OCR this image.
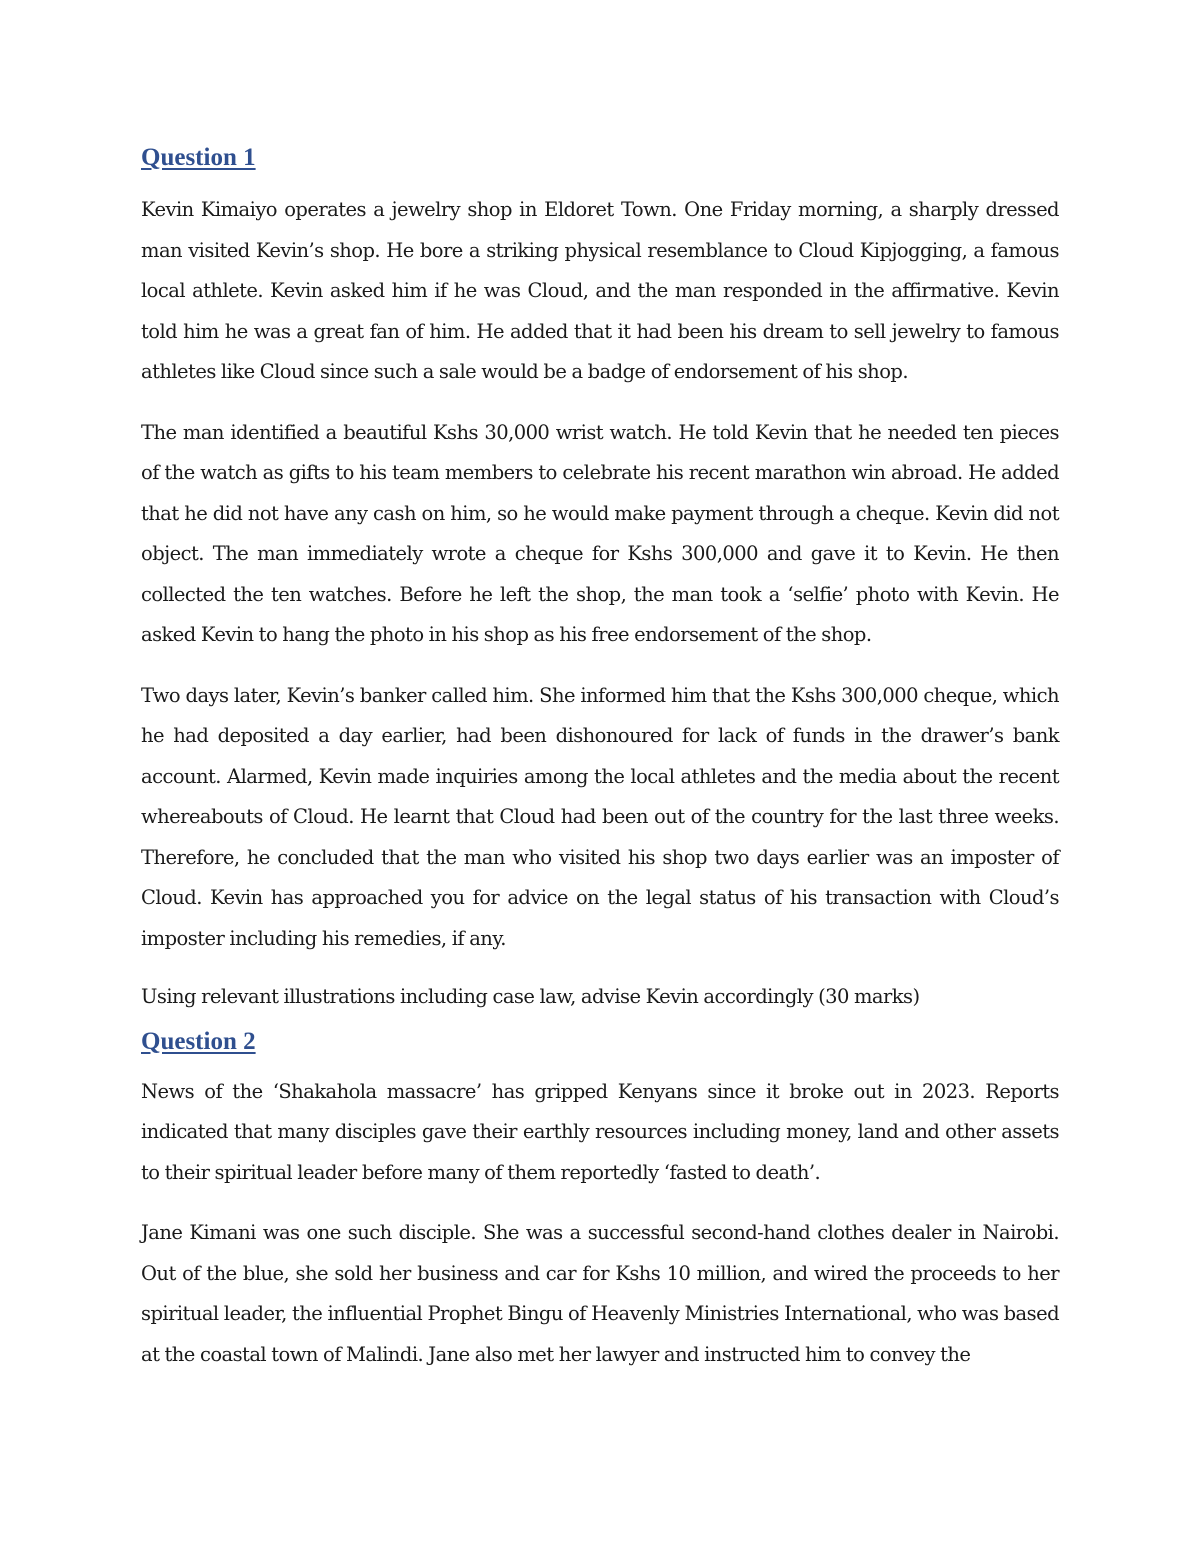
Question 1

Kevin Kimaiyo operates a jewelry shop in Eldoret Town. One Friday morning, a sharply dressed man visited Kevin’s shop. He bore a striking physical resemblance to Cloud Kipjogging, a famous local athlete. Kevin asked him if he was Cloud, and the man responded in the affirmative. Kevin told him he was a great fan of him. He added that it had been his dream to sell jewelry to famous athletes like Cloud since such a sale would be a badge of endorsement of his shop.

The man identified a beautiful Kshs 30,000 wrist watch. He told Kevin that he needed ten pieces of the watch as gifts to his team members to celebrate his recent marathon win abroad. He added that he did not have any cash on him, so he would make payment through a cheque. Kevin did not object. The man immediately wrote a cheque for Kshs 300,000 and gave it to Kevin. He then collected the ten watches. Before he left the shop, the man took a ‘selfie’ photo with Kevin. He asked Kevin to hang the photo in his shop as his free endorsement of the shop.

Two days later, Kevin’s banker called him. She informed him that the Kshs 300,000 cheque, which he had deposited a day earlier, had been dishonoured for lack of funds in the drawer’s bank account. Alarmed, Kevin made inquiries among the local athletes and the media about the recent whereabouts of Cloud. He learnt that Cloud had been out of the country for the last three weeks. Therefore, he concluded that the man who visited his shop two days earlier was an imposter of Cloud. Kevin has approached you for advice on the legal status of his transaction with Cloud’s imposter including his remedies, if any.

Using relevant illustrations including case law, advise Kevin accordingly (30 marks)

Question 2

News of the ‘Shakahola massacre’ has gripped Kenyans since it broke out in 2023. Reports indicated that many disciples gave their earthly resources including money, land and other assets to their spiritual leader before many of them reportedly ‘fasted to death’.

Jane Kimani was one such disciple. She was a successful second-hand clothes dealer in Nairobi. Out of the blue, she sold her business and car for Kshs 10 million, and wired the proceeds to her spiritual leader, the influential Prophet Bingu of Heavenly Ministries International, who was based at the coastal town of Malindi. Jane also met her lawyer and instructed him to convey the
